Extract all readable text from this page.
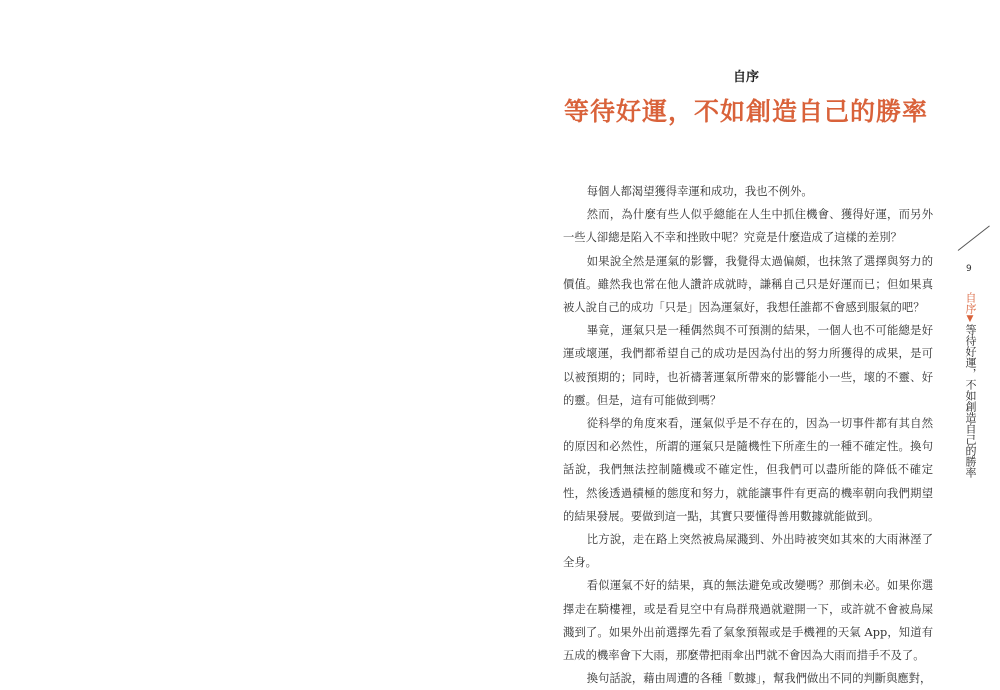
自序
等待好運，不如創造自己的勝率

每個人都渴望獲得幸運和成功，我也不例外。

然而，為什麼有些人似乎總能在人生中抓住機會、獲得好運，而另外一些人卻總是陷入不幸和挫敗中呢？究竟是什麼造成了這樣的差別？

如果說全然是運氣的影響，我覺得太過偏頗，也抹煞了選擇與努力的價值。雖然我也常在他人讚許成就時，謙稱自己只是好運而已；但如果真被人說自己的成功「只是」因為運氣好，我想任誰都不會感到服氣的吧？

畢竟，運氣只是一種偶然與不可預測的結果，一個人也不可能總是好運或壞運，我們都希望自己的成功是因為付出的努力所獲得的成果，是可以被預期的；同時，也祈禱著運氣所帶來的影響能小一些，壞的不靈、好的靈。但是，這有可能做到嗎？

從科學的角度來看，運氣似乎是不存在的，因為一切事件都有其自然的原因和必然性，所謂的運氣只是隨機性下所產生的一種不確定性。換句話說，我們無法控制隨機或不確定性，但我們可以盡所能的降低不確定性，然後透過積極的態度和努力，就能讓事件有更高的機率朝向我們期望的結果發展。要做到這一點，其實只要懂得善用數據就能做到。

比方說，走在路上突然被鳥屎濺到、外出時被突如其來的大雨淋溼了全身。

看似運氣不好的結果，真的無法避免或改變嗎？那倒未必。如果你選擇走在騎樓裡，或是看見空中有鳥群飛過就避開一下，或許就不會被鳥屎濺到了。如果外出前選擇先看了氣象預報或是手機裡的天氣 App，知道有五成的機率會下大雨，那麼帶把雨傘出門就不會因為大雨而措手不及了。

換句話說，藉由周遭的各種「數據」，幫我們做出不同的判斷與應對，

9
自序▼等待好運，不如創造自己的勝率
